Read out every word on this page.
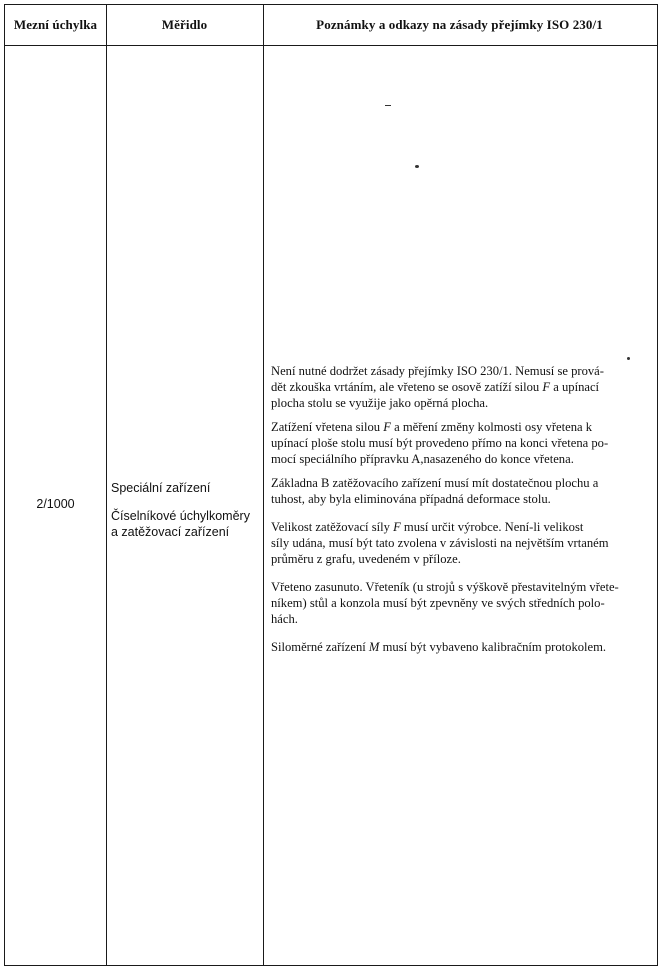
Mezní úchylka	Měřidlo	Poznámky a odkazy na zásady přejímky ISO 230/1
2/1000
Speciální zařízení
Číselníkové úchylkoměry
a zatěžovací zařízení

Není nutné dodržet zásady přejímky ISO 230/1. Nemusí se prová-
dět zkouška vrtáním, ale vřeteno se osově zatíží silou F a upínací
plocha stolu se využije jako opěrná plocha.

Zatížení vřetena silou F a měření změny kolmosti osy vřetena k
upínací ploše stolu musí být provedeno přímo na konci vřetena po-
mocí speciálního přípravku A,nasazeného do konce vřetena.

Základna B zatěžovacího zařízení musí mít dostatečnou plochu a
tuhost, aby byla eliminována případná deformace stolu.

Velikost zatěžovací síly F musí určit výrobce. Není-li velikost
síly udána, musí být tato zvolena v závislosti na největším vrtaném
průměru z grafu, uvedeném v příloze.

Vřeteno zasunuto. Vřeteník (u strojů s výškově přestavitelným vřete-
níkem) stůl a konzola musí být zpevněny ve svých středních polo-
hách.

Siloměrné zařízení M musí být vybaveno kalibračním protokolem.
